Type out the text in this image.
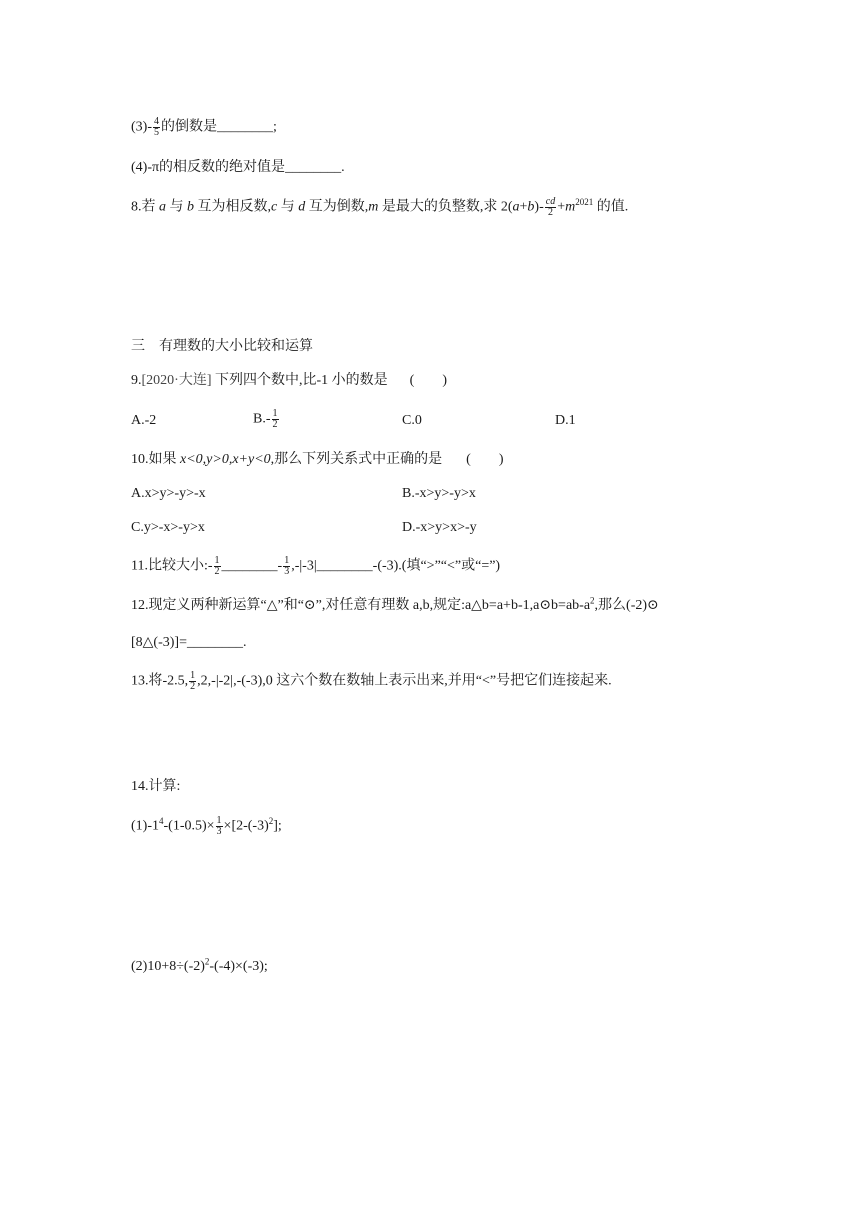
$(3)- \frac{4}{5}$ 的倒数是________;
(4)-π的相反数的绝对值是________.
8.若 a 与 b 互为相反数,c 与 d 互为倒数,m 是最大的负整数,求 $2(a+b)- \frac{cd}{2} +m^{2021}$ 的值.
三　有理数的大小比较和运算
9.[2020·大连] 下列四个数中,比-1 小的数是 (　　)
A.-2	$B.- \frac{1}{2}$	C.0	D.1
10.如果 x<0,y>0,x+y<0,那么下列关系式中正确的是 (　　)
A.x>y>-y>-x	B.-x>y>-y>x
C.y>-x>-y>x	D.-x>y>x>-y
11.比较大小:- $\frac{1}{2}$ ________- $\frac{1}{3}$ ,-|-3|________-(-3).(填“>”“<”或“=”)
12.现定义两种新运算“△”和“⊙”,对任意有理数 a,b,规定$:a\triangle b=a+b-1,a⊙b=ab-a^2$,那么(-2)⊙
[8△(-3)]=________.
13.将-2.5, $\frac{1}{2} ,2,-|-2|,-(-3),0$ 这六个数在数轴上表示出来,并用“<”号把它们连接起来.
14.计算:
$(1)-1^4-(1-0.5)\times \frac{1}{3} \times[2-(-3)^2]$;
$(2)10+8\div(-2)^2-(-4)\times(-3)$;
